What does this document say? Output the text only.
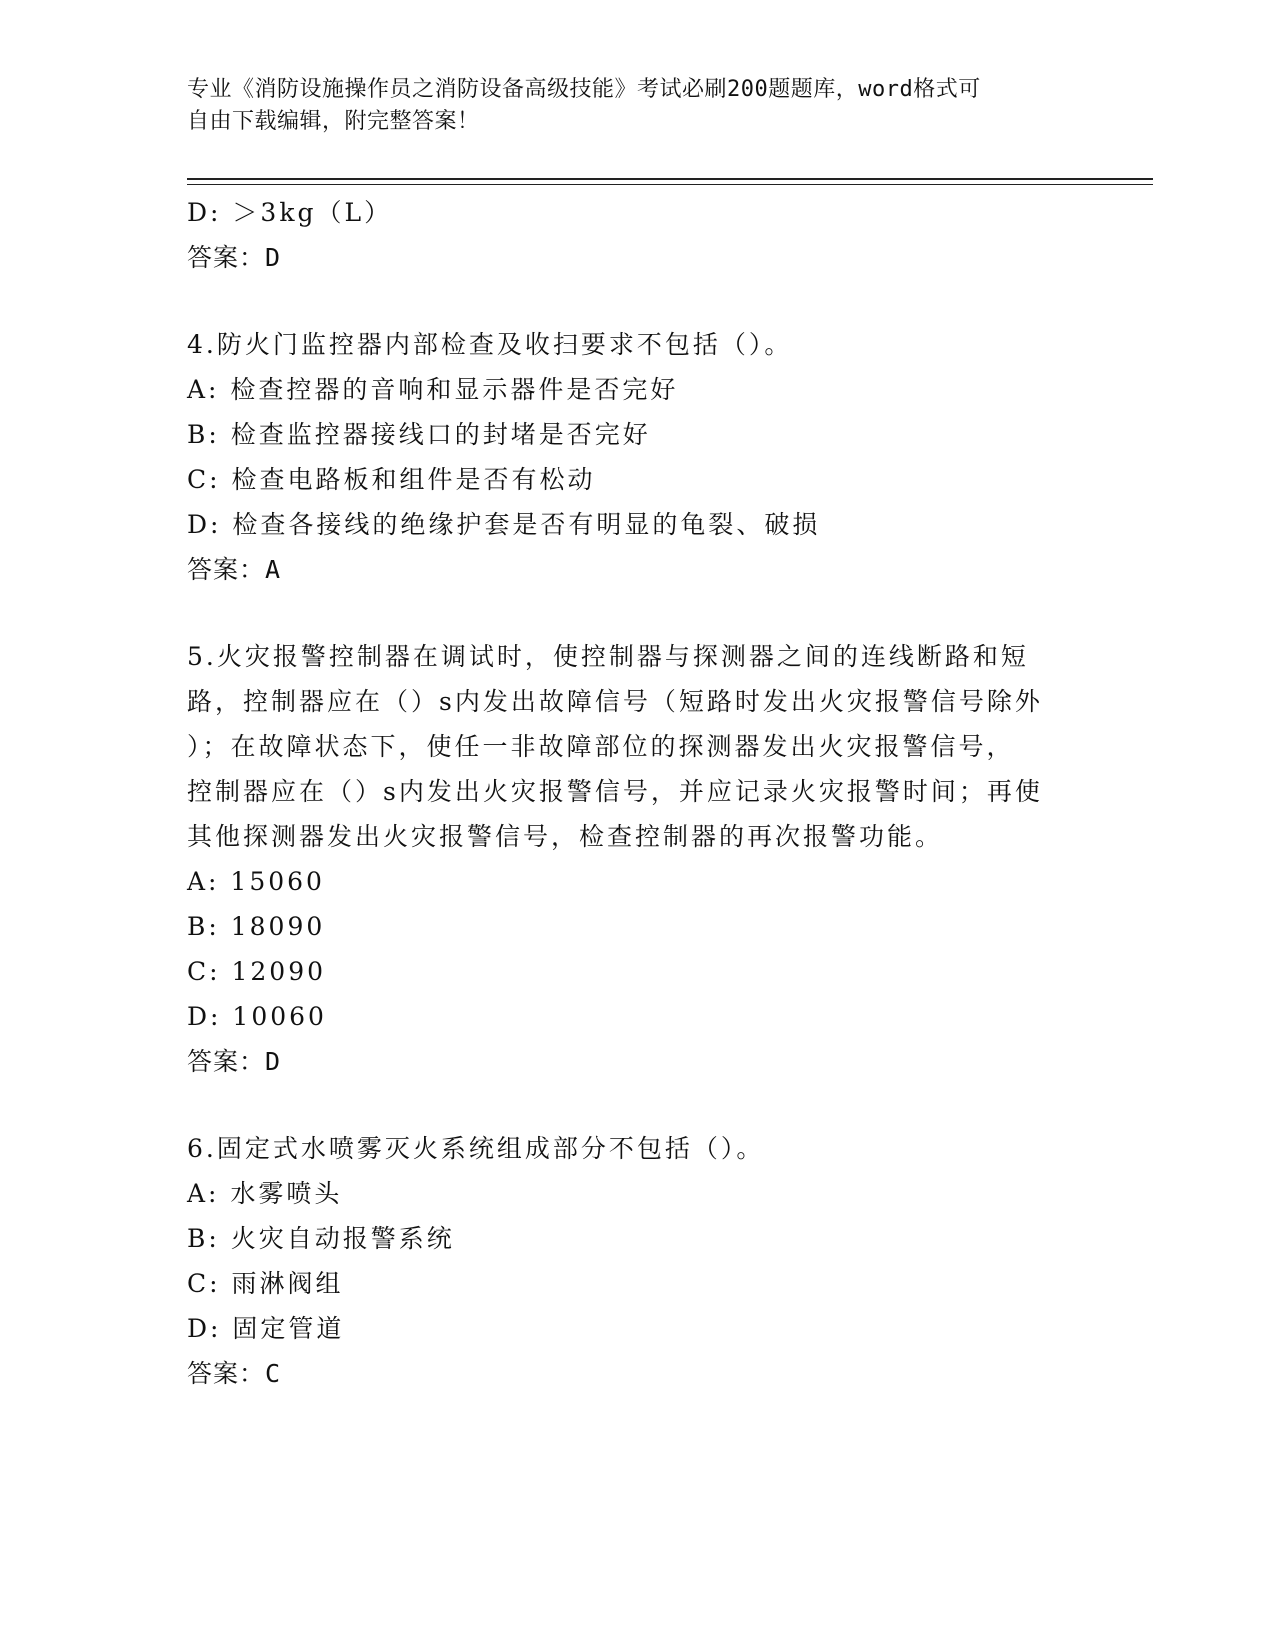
专业《消防设施操作员之消防设备高级技能》考试必刷200题题库，word格式可
自由下载编辑，附完整答案！
D: ＞3kg（L）
答案：D
4.防火门监控器内部检查及收扫要求不包括（）。
A: 检查控器的音响和显示器件是否完好
B: 检查监控器接线口的封堵是否完好
C: 检查电路板和组件是否有松动
D: 检查各接线的绝缘护套是否有明显的龟裂、破损
答案：A
5.火灾报警控制器在调试时，使控制器与探测器之间的连线断路和短
路，控制器应在（）s内发出故障信号（短路时发出火灾报警信号除外
）；在故障状态下，使任一非故障部位的探测器发出火灾报警信号，
控制器应在（）s内发出火灾报警信号，并应记录火灾报警时间；再使
其他探测器发出火灾报警信号，检查控制器的再次报警功能。
A: 15060
B: 18090
C: 12090
D: 10060
答案：D
6.固定式水喷雾灭火系统组成部分不包括（）。
A: 水雾喷头
B: 火灾自动报警系统
C: 雨淋阀组
D: 固定管道
答案：C
